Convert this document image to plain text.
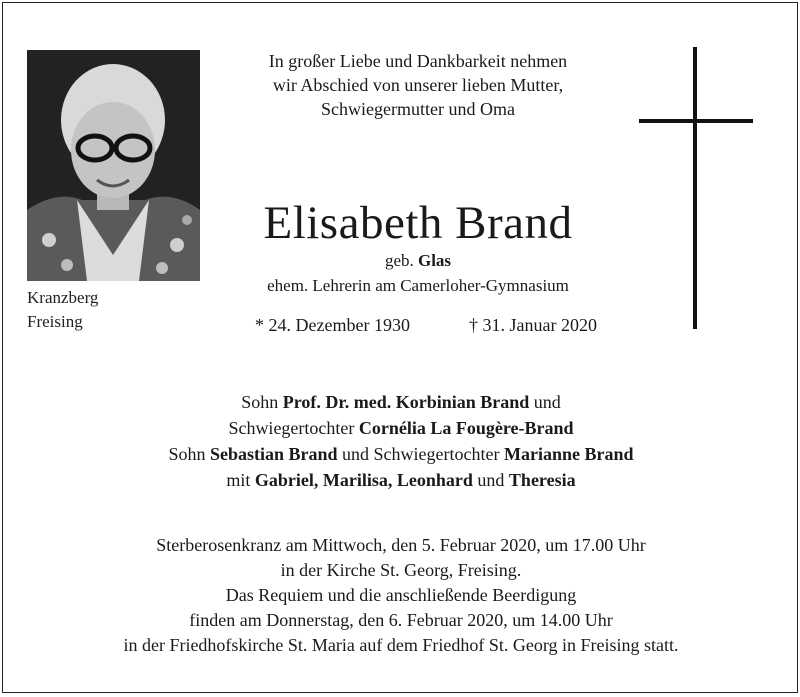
Kranzberg
Freising
In großer Liebe und Dankbarkeit nehmen
wir Abschied von unserer lieben Mutter,
Schwiegermutter und Oma
Elisabeth Brand
geb. Glas
ehem. Lehrerin am Camerloher-Gymnasium
* 24. Dezember 1930	† 31. Januar 2020
Sohn Prof. Dr. med. Korbinian Brand und
Schwiegertochter Cornélia La Fougère-Brand
Sohn Sebastian Brand und Schwiegertochter Marianne Brand
mit Gabriel, Marilisa, Leonhard und Theresia
Sterberosenkranz am Mittwoch, den 5. Februar 2020, um 17.00 Uhr
in der Kirche St. Georg, Freising.
Das Requiem und die anschließende Beerdigung
finden am Donnerstag, den 6. Februar 2020, um 14.00 Uhr
in der Friedhofskirche St. Maria auf dem Friedhof St. Georg in Freising statt.
